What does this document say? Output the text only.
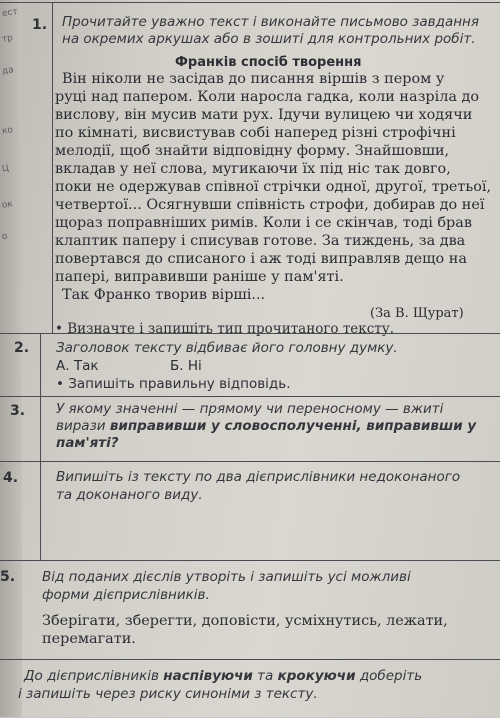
ест
тр
да
ко
Ц
ок
о
1. Прочитайте уважно текст і виконайте письмово завдання
на окремих аркушах або в зошиті для контрольних робіт.
Франків спосіб творення
Він ніколи не засідав до писання віршів з пером у
руці над папером. Коли наросла гадка, коли назріла до
вислову, він мусив мати рух. Ідучи вулицею чи ходячи
по кімнаті, висвистував собі наперед різні строфічні
мелодії, щоб знайти відповідну форму. Знайшовши,
вкладав у неї слова, мугикаючи їх під ніс так довго,
поки не одержував співної стрічки одної, другої, третьої,
четвертої... Осягнувши співність строфи, добирав до неї
щораз поправніших римів. Коли і се скінчав, тоді брав
клаптик паперу і списував готове. За тиждень, за два
повертався до списаного і аж тоді виправляв дещо на
папері, виправивши раніше у пам'яті.
Так Франко творив вірші...
(За В. Щурат)
• Визначте і запишіть тип прочитаного тексту.
2. Заголовок тексту відбиває його головну думку.
А. Так	Б. Ні
• Запишіть правильну відповідь.
3. У якому значенні — прямому чи переносному — вжиті
вирази виправивши у словосполученні, виправивши у
пам'яті?
4.	Випишіть із тексту по два дієприслівники недоконаного
та доконаного виду.
5. Від поданих дієслів утворіть і запишіть усі можливі
форми дієприслівників.
Зберігати, зберегти, доповісти, усміхнутись, лежати,
перемагати.
До дієприслівників наспівуючи та крокуючи доберіть
і запишіть через риску синоніми з тексту.
